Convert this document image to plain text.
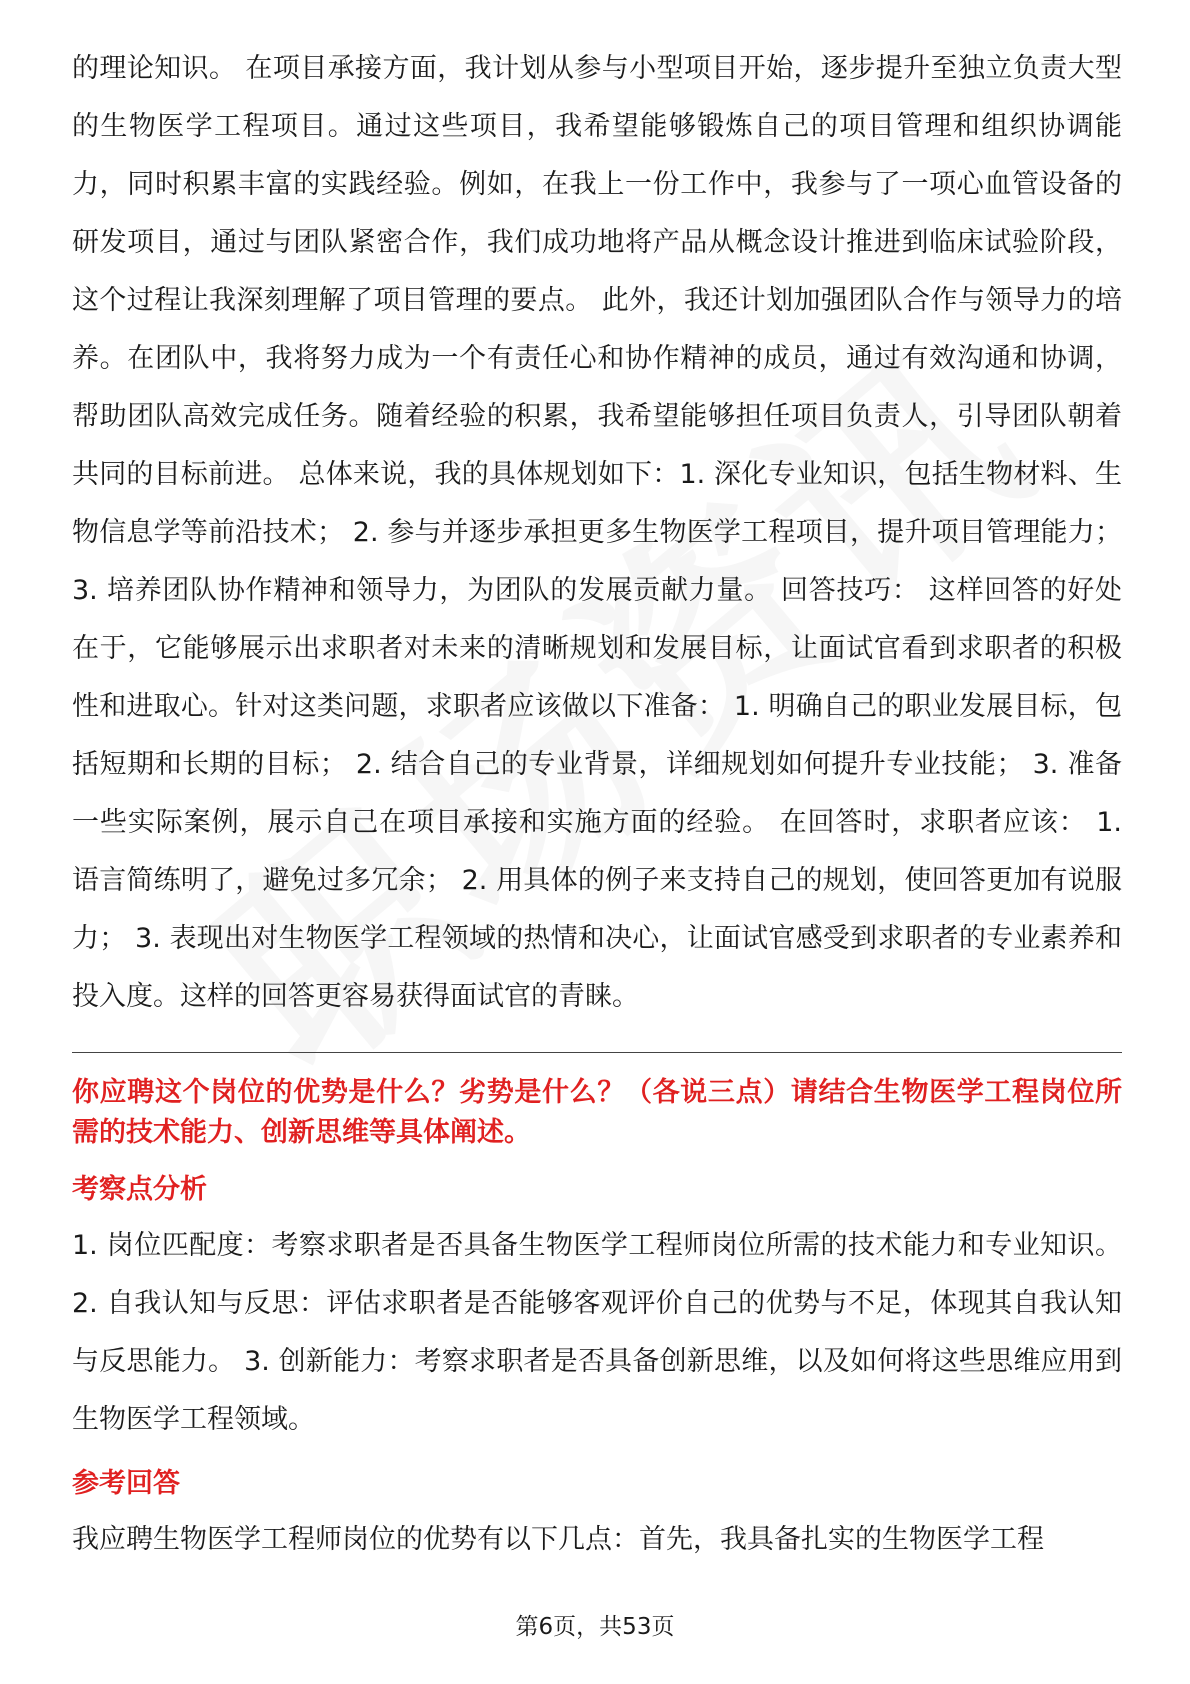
的理论知识。 在项目承接方面，我计划从参与小型项目开始，逐步提升至独立负责大型的生物医学工程项目。通过这些项目，我希望能够锻炼自己的项目管理和组织协调能力，同时积累丰富的实践经验。例如，在我上一份工作中，我参与了一项心血管设备的研发项目，通过与团队紧密合作，我们成功地将产品从概念设计推进到临床试验阶段，这个过程让我深刻理解了项目管理的要点。 此外，我还计划加强团队合作与领导力的培养。在团队中，我将努力成为一个有责任心和协作精神的成员，通过有效沟通和协调，帮助团队高效完成任务。随着经验的积累，我希望能够担任项目负责人，引导团队朝着共同的目标前进。 总体来说，我的具体规划如下：1. 深化专业知识，包括生物材料、生物信息学等前沿技术； 2. 参与并逐步承担更多生物医学工程项目，提升项目管理能力； 3. 培养团队协作精神和领导力，为团队的发展贡献力量。 回答技巧： 这样回答的好处在于，它能够展示出求职者对未来的清晰规划和发展目标，让面试官看到求职者的积极性和进取心。针对这类问题，求职者应该做以下准备： 1. 明确自己的职业发展目标，包括短期和长期的目标； 2. 结合自己的专业背景，详细规划如何提升专业技能； 3. 准备一些实际案例，展示自己在项目承接和实施方面的经验。 在回答时，求职者应该： 1. 语言简练明了，避免过多冗余； 2. 用具体的例子来支持自己的规划，使回答更加有说服力； 3. 表现出对生物医学工程领域的热情和决心，让面试官感受到求职者的专业素养和投入度。这样的回答更容易获得面试官的青睐。

你应聘这个岗位的优势是什么？劣势是什么？（各说三点）请结合生物医学工程岗位所需的技术能力、创新思维等具体阐述。

考察点分析

1. 岗位匹配度：考察求职者是否具备生物医学工程师岗位所需的技术能力和专业知识。 2. 自我认知与反思：评估求职者是否能够客观评价自己的优势与不足，体现其自我认知与反思能力。 3. 创新能力：考察求职者是否具备创新思维，以及如何将这些思维应用到生物医学工程领域。

参考回答

我应聘生物医学工程师岗位的优势有以下几点：首先，我具备扎实的生物医学工程

第6页，共53页
